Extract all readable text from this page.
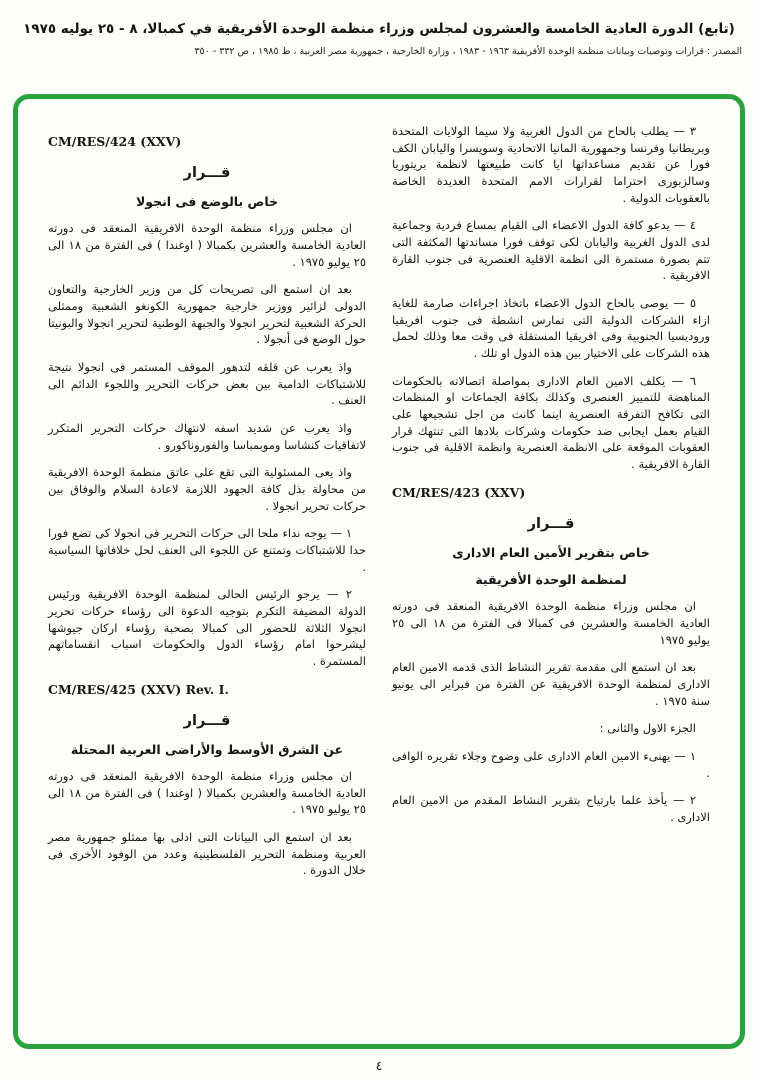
(تابع) الدورة العادية الخامسة والعشرون لمجلس وزراء منظمة الوحدة الأفريقية في كمبالا، ٨ - ٢٥ يوليه ١٩٧٥
المصدر : قرارات وتوصيات وبيانات منظمة الوحدة الأفريقية ١٩٦٣ - ١٩٨٣ ، وزارة الخارجية ، جمهورية مصر العربية ، ط ١٩٨٥ ، ص ٣٣٢ - ٣٥٠
٣ — يطلب بالحاح من الدول الغربية ولا سيما الولايات المتحدة وبريطانيا وفرنسا وجمهورية المانيا الاتحادية وسويسرا واليابان الكف فورا عن تقديم مساعداتها ايا كانت طبيعتها لانظمة بريتوريا وسالزبورى احتراما لقرارات الامم المتحدة العديدة الخاصة بالعقوبات الدولية .
٤ — يدعو كافة الدول الاعضاء الى القيام بمساع فردية وجماعية لدى الدول الغربية واليابان لكى توقف فورا مساندتها المكثفة التى تتم بصورة مستمرة الى انظمة الاقلية العنصرية فى جنوب القارة الافريقية .
٥ — يوصى بالحاح الدول الاعضاء باتخاذ اجراءات صارمة للغاية ازاء الشركات الدولية التى تمارس انشطة فى جنوب افريقيا وروديسيا الجنوبية وفى افريقيا المستقلة فى وقت معا وذلك لحمل هذه الشركات على الاختيار بين هذه الدول او تلك .
٦ — يكلف الامين العام الادارى بمواصلة اتصالاته بالحكومات المناهضة للتمييز العنصرى وكذلك بكافة الجماعات او المنظمات التى تكافح التفرقة العنصرية اينما كانت من اجل تشجيعها على القيام بعمل ايجابى ضد حكومات وشركات بلادها التى تنتهك قرار العقوبات الموقعة على الانظمة العنصرية وانظمة الاقلية فى جنوب القارة الافريقية .
CM/RES/423 (XXV)
قـــرار
خاص بتقرير الأمين العام الادارى
لمنظمة الوحدة الأفريقية
ان مجلس وزراء منظمة الوحدة الافريقية المنعقد فى دورته العادية الخامسة والعشرين فى كمبالا فى الفترة من ١٨ الى ٢٥ يوليو ١٩٧٥
بعد ان استمع الى مقدمة تقرير النشاط الذى قدمه الامين العام الادارى لمنظمة الوحدة الافريقية عن الفترة من فبراير الى يونيو سنة ١٩٧٥ .
الجزء الاول والثانى :
١ — يهنىء الامين العام الادارى على وضوح وجلاء تقريره الوافى .
٢ — يأخذ علما بارتياح بتقرير النشاط المقدم من الامين العام الادارى .
CM/RES/424 (XXV)
قـــرار
خاص بالوضع فى انجولا
ان مجلس وزراء منظمة الوحدة الافريقية المنعقد فى دورته العادية الخامسة والعشرين بكمبالا ( اوغندا ) فى الفترة من ١٨ الى ٢٥ يوليو ١٩٧٥ .
بعد ان استمع الى تصريحات كل من وزير الخارجية والتعاون الدولى لزائير ووزير خارجية جمهورية الكونغو الشعبية وممثلى الحركة الشعبية لتحرير انجولا والجبهة الوطنية لتحرير انجولا والبونيتا حول الوضع فى أنجولا .
واذ يعرب عن قلقه لتدهور الموقف المستمر فى انجولا نتيجة للاشتباكات الدامية بين بعض حركات التحرير واللجوء الدائم الى العنف .
واذ يعرب عن شديد اسفه لانتهاك حركات التحرير المتكرر لاتفاقيات كنشاسا وموبمباسا والفوروناكورو .
واذ يعى المسئولية التى تقع على عاتق منظمة الوحدة الافريقية من محاولة بذل كافة الجهود اللازمة لاعادة السلام والوفاق بين حركات تحرير انجولا .
١ — يوجه نداء ملحا الى حركات التحرير فى انجولا كى تضع فورا حدا للاشتباكات وتمتنع عن اللجوء الى العنف لحل خلافاتها السياسية .
٢ — يرجو الرئيس الحالى لمنظمة الوحدة الافريقية ورئيس الدولة المضيفة التكرم بتوجيه الدعوة الى رؤساء حركات تحرير انجولا الثلاثة للحضور الى كمبالا بصحبة رؤساء اركان جيوشها ليشرحوا امام رؤساء الدول والحكومات اسباب انقساماتهم المستمرة .
CM/RES/425 (XXV) Rev. I.
قـــرار
عن الشرق الأوسط والأراضى العربية المحتلة
ان مجلس وزراء منظمة الوحدة الافريقية المنعقد فى دورته العادية الخامسة والعشرين بكمبالا ( اوغندا ) فى الفترة من ١٨ الى ٢٥ يوليو ١٩٧٥ .
بعد ان استمع الى البيانات التى ادلى بها ممثلو جمهورية مصر العربية ومنظمة التحرير الفلسطينية وعدد من الوفود الأخرى فى خلال الدورة .
٤
